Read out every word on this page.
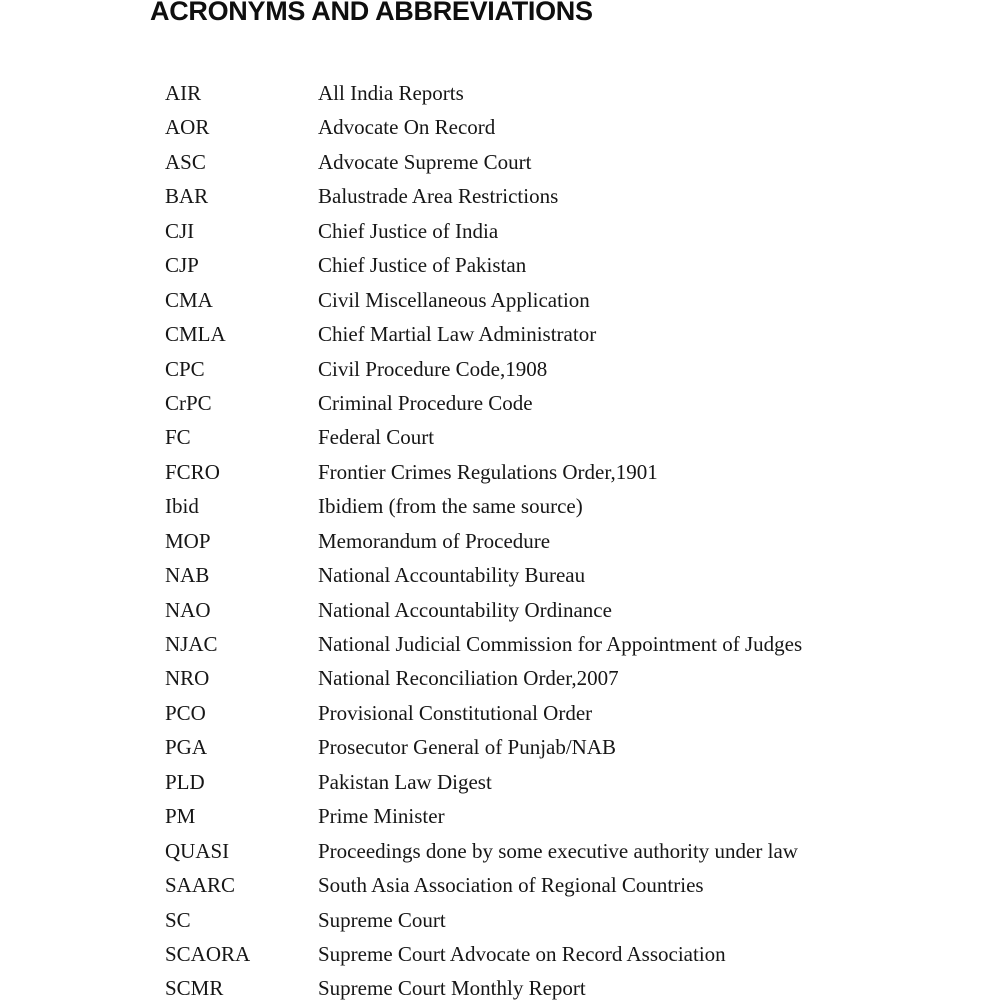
ACRONYMS AND ABBREVIATIONS
AIR	All India Reports
AOR	Advocate On Record
ASC	Advocate Supreme Court
BAR	Balustrade Area Restrictions
CJI	Chief Justice of India
CJP	Chief Justice of Pakistan
CMA	Civil Miscellaneous Application
CMLA	Chief Martial Law Administrator
CPC	Civil Procedure Code,1908
CrPC	Criminal Procedure Code
FC	Federal Court
FCRO	Frontier Crimes Regulations Order,1901
Ibid	Ibidiem (from the same source)
MOP	Memorandum of Procedure
NAB	National Accountability Bureau
NAO	National Accountability Ordinance
NJAC	National Judicial Commission for Appointment of Judges
NRO	National Reconciliation Order,2007
PCO	Provisional Constitutional Order
PGA	Prosecutor General of Punjab/NAB
PLD	Pakistan Law Digest
PM	Prime Minister
QUASI	Proceedings done by some executive authority under law
SAARC	South Asia Association of Regional Countries
SC	Supreme Court
SCAORA	Supreme Court Advocate on Record Association
SCMR	Supreme Court Monthly Report
